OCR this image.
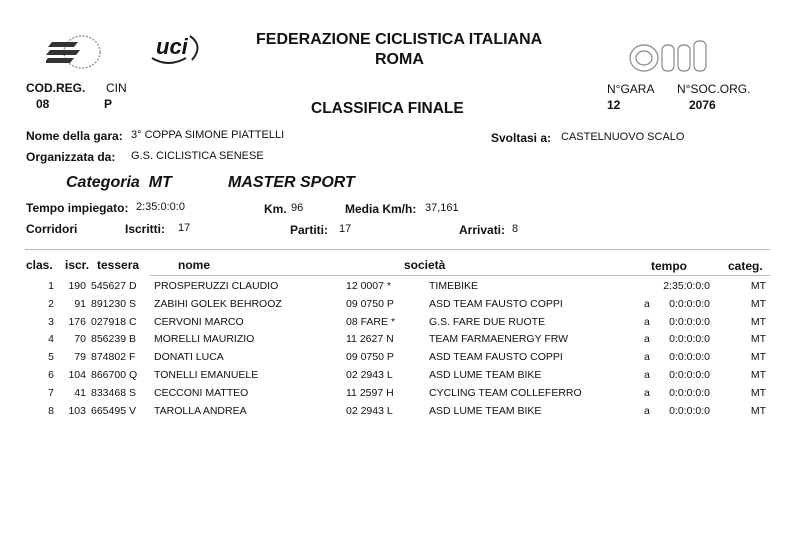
uci	FEDERAZIONE CICLISTICA ITALIANA
ROMA
CLASSIFICA FINALE
COD.REG.
08
CIN
P
N°GARA
12
N°SOC.ORG.
2076
Nome della gara: 3° COPPA SIMONE PIATTELLI	Svoltasi a: CASTELNUOVO SCALO
Organizzata da: G.S. CICLISTICA SENESE
Categoria  MT	MASTER SPORT
Tempo impiegato: 2:35:0:0:0	Km. 96	Media Km/h: 37,161
Corridori	Iscritti: 17	Partiti: 17	Arrivati: 8
clas. iscr. tessera	nome	società	tempo	categ.
1	190 545627 D	PROSPERUZZI CLAUDIO	12 0007 *	TIMEBIKE	2:35:0:0:0	MT
2	91 891230 S	ZABIHI GOLEK BEHROOZ	09 0750 P	ASD TEAM FAUSTO COPPI	a	0:0:0:0:0	MT
3	176 027918 C	CERVONI MARCO	08 FARE *	G.S. FARE DUE RUOTE	a	0:0:0:0:0	MT
4	70 856239 B	MORELLI MAURIZIO	11 2627 N	TEAM FARMAENERGY FRW	a	0:0:0:0:0	MT
5	79 874802 F	DONATI LUCA	09 0750 P	ASD TEAM FAUSTO COPPI	a	0:0:0:0:0	MT
6	104 866700 Q	TONELLI EMANUELE	02 2943 L	ASD LUME TEAM BIKE	a	0:0:0:0:0	MT
7	41 833468 S	CECCONI MATTEO	11 2597 H	CYCLING TEAM COLLEFERRO	a	0:0:0:0:0	MT
8	103 665495 V	TAROLLA ANDREA	02 2943 L	ASD LUME TEAM BIKE	a	0:0:0:0:0	MT
